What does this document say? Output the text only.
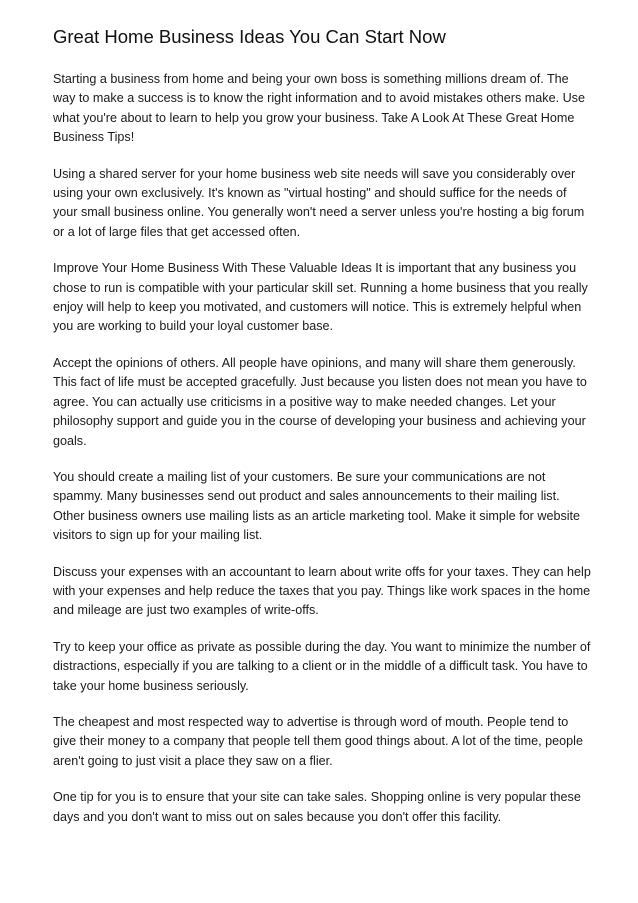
Great Home Business Ideas You Can Start Now

Starting a business from home and being your own boss is something millions dream of. The way to make a success is to know the right information and to avoid mistakes others make. Use what you're about to learn to help you grow your business. Take A Look At These Great Home Business Tips!

Using a shared server for your home business web site needs will save you considerably over using your own exclusively. It's known as "virtual hosting" and should suffice for the needs of your small business online. You generally won't need a server unless you're hosting a big forum or a lot of large files that get accessed often.

Improve Your Home Business With These Valuable Ideas It is important that any business you chose to run is compatible with your particular skill set. Running a home business that you really enjoy will help to keep you motivated, and customers will notice. This is extremely helpful when you are working to build your loyal customer base.

Accept the opinions of others. All people have opinions, and many will share them generously. This fact of life must be accepted gracefully. Just because you listen does not mean you have to agree. You can actually use criticisms in a positive way to make needed changes. Let your philosophy support and guide you in the course of developing your business and achieving your goals.

You should create a mailing list of your customers. Be sure your communications are not spammy. Many businesses send out product and sales announcements to their mailing list. Other business owners use mailing lists as an article marketing tool. Make it simple for website visitors to sign up for your mailing list.

Discuss your expenses with an accountant to learn about write offs for your taxes. They can help with your expenses and help reduce the taxes that you pay. Things like work spaces in the home and mileage are just two examples of write-offs.

Try to keep your office as private as possible during the day. You want to minimize the number of distractions, especially if you are talking to a client or in the middle of a difficult task. You have to take your home business seriously.

The cheapest and most respected way to advertise is through word of mouth. People tend to give their money to a company that people tell them good things about. A lot of the time, people aren't going to just visit a place they saw on a flier.

One tip for you is to ensure that your site can take sales. Shopping online is very popular these days and you don't want to miss out on sales because you don't offer this facility.
